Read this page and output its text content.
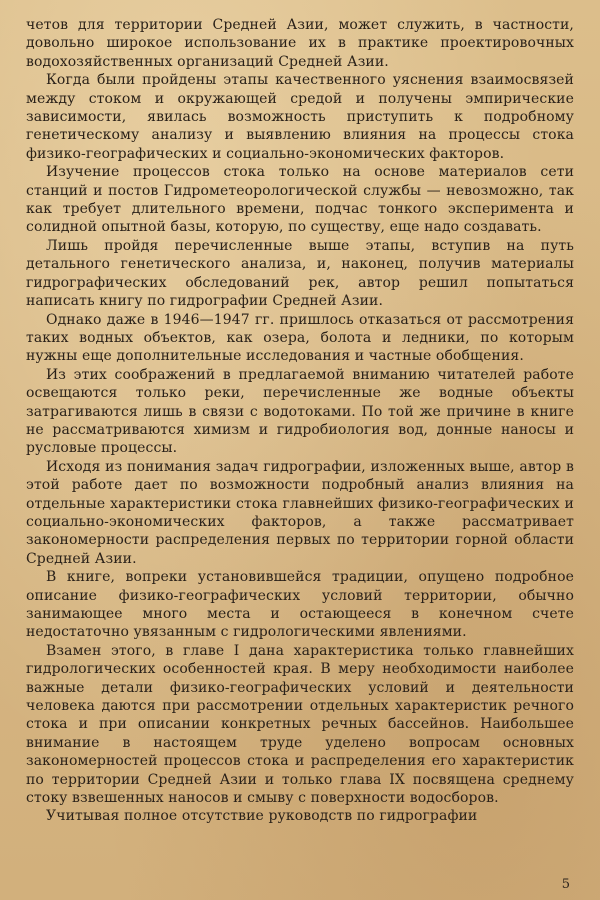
четов для территории Средней Азии, может служить, в частности, довольно широкое использование их в практике проектировочных водохозяйственных организаций Средней Азии.

Когда были пройдены этапы качественного уяснения взаимосвязей между стоком и окружающей средой и получены эмпирические зависимости, явилась возможность приступить к подробному генетическому анализу и выявлению влияния на процессы стока физико-географических и социально-экономических факторов.

Изучение процессов стока только на основе материалов сети станций и постов Гидрометеорологической службы — невозможно, так как требует длительного времени, подчас тонкого эксперимента и солидной опытной базы, которую, по существу, еще надо создавать.

Лишь пройдя перечисленные выше этапы, вступив на путь детального генетического анализа, и, наконец, получив материалы гидрографических обследований рек, автор решил попытаться написать книгу по гидрографии Средней Азии.

Однако даже в 1946—1947 гг. пришлось отказаться от рассмотрения таких водных объектов, как озера, болота и ледники, по которым нужны еще дополнительные исследования и частные обобщения.

Из этих соображений в предлагаемой вниманию читателей работе освещаются только реки, перечисленные же водные объекты затрагиваются лишь в связи с водотоками. По той же причине в книге не рассматриваются химизм и гидробиология вод, донные наносы и русловые процессы.

Исходя из понимания задач гидрографии, изложенных выше, автор в этой работе дает по возможности подробный анализ влияния на отдельные характеристики стока главнейших физико-географических и социально-экономических факторов, а также рассматривает закономерности распределения первых по территории горной области Средней Азии.

В книге, вопреки установившейся традиции, опущено подробное описание физико-географических условий территории, обычно занимающее много места и остающееся в конечном счете недостаточно увязанным с гидрологическими явлениями.

Взамен этого, в главе I дана характеристика только главнейших гидрологических особенностей края. В меру необходимости наиболее важные детали физико-географических условий и деятельности человека даются при рассмотрении отдельных характеристик речного стока и при описании конкретных речных бассейнов. Наибольшее внимание в настоящем труде уделено вопросам основных закономерностей процессов стока и распределения его характеристик по территории Средней Азии и только глава IX посвящена среднему стоку взвешенных наносов и смыву с поверхности водосборов.

Учитывая полное отсутствие руководств по гидрографии

5
